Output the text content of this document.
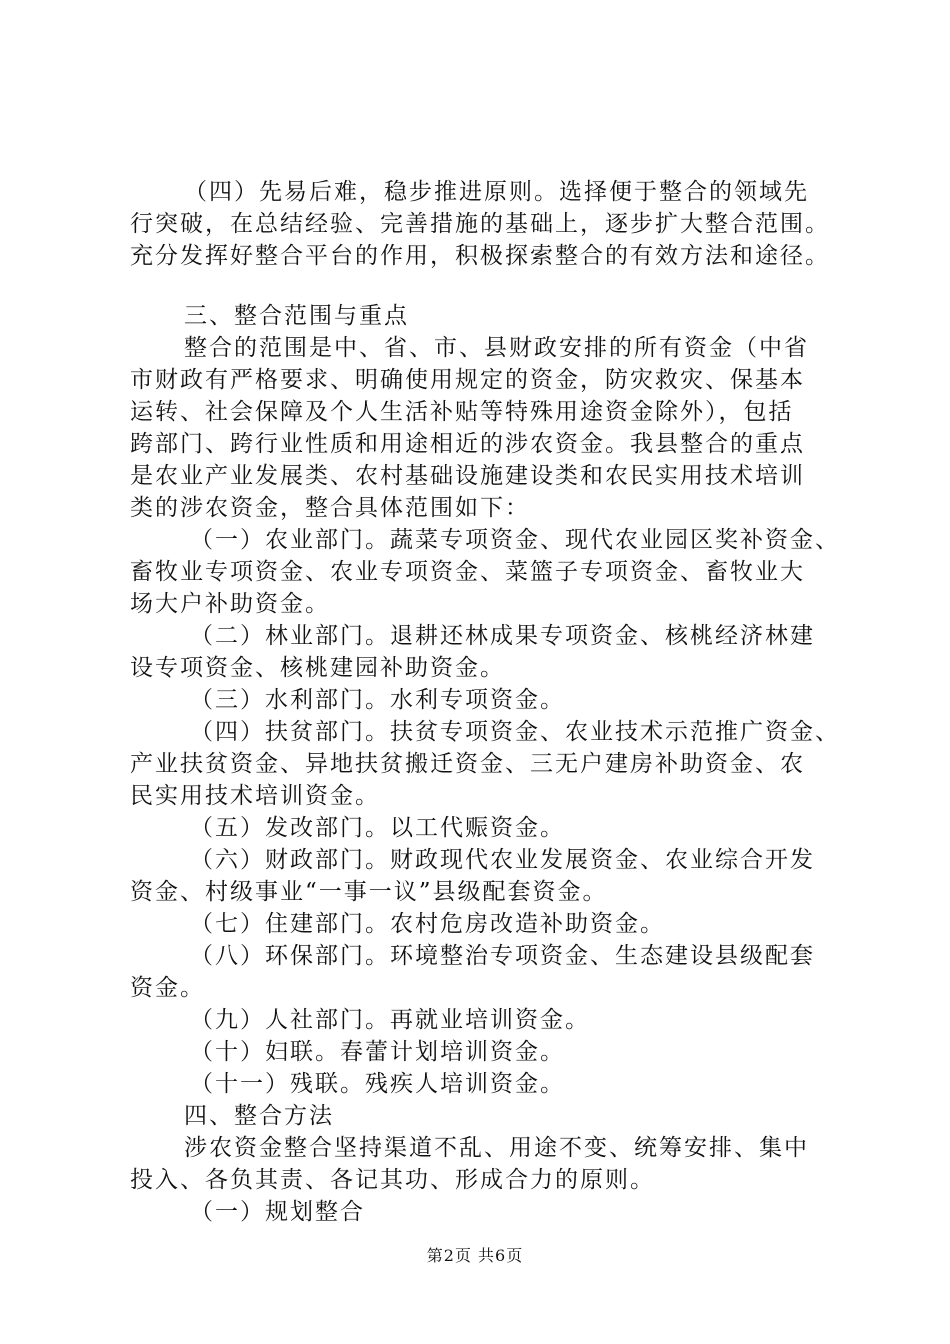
（四）先易后难，稳步推进原则。选择便于整合的领域先

行突破，在总结经验、完善措施的基础上，逐步扩大整合范围。

充分发挥好整合平台的作用，积极探索整合的有效方法和途径。

三、整合范围与重点

整合的范围是中、省、市、县财政安排的所有资金（中省

市财政有严格要求、明确使用规定的资金，防灾救灾、保基本

运转、社会保障及个人生活补贴等特殊用途资金除外），包括

跨部门、跨行业性质和用途相近的涉农资金。我县整合的重点

是农业产业发展类、农村基础设施建设类和农民实用技术培训

类的涉农资金，整合具体范围如下：

（一）农业部门。蔬菜专项资金、现代农业园区奖补资金、

畜牧业专项资金、农业专项资金、菜篮子专项资金、畜牧业大

场大户补助资金。

（二）林业部门。退耕还林成果专项资金、核桃经济林建

设专项资金、核桃建园补助资金。

（三）水利部门。水利专项资金。

（四）扶贫部门。扶贫专项资金、农业技术示范推广资金、

产业扶贫资金、异地扶贫搬迁资金、三无户建房补助资金、农

民实用技术培训资金。

（五）发改部门。以工代赈资金。

（六）财政部门。财政现代农业发展资金、农业综合开发

资金、村级事业“一事一议”县级配套资金。

（七）住建部门。农村危房改造补助资金。

（八）环保部门。环境整治专项资金、生态建设县级配套

资金。

（九）人社部门。再就业培训资金。

（十）妇联。春蕾计划培训资金。

（十一）残联。残疾人培训资金。

四、整合方法

涉农资金整合坚持渠道不乱、用途不变、统筹安排、集中

投入、各负其责、各记其功、形成合力的原则。

（一）规划整合

第2页 共6页
